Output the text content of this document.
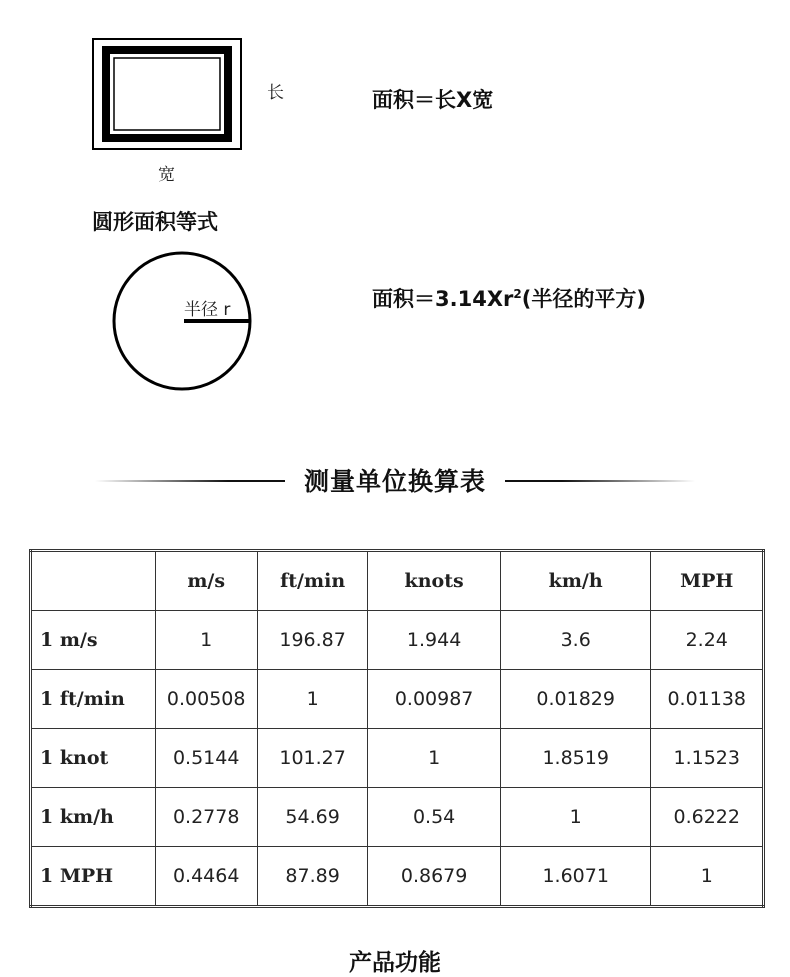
长
宽
面积＝长X宽
圆形面积等式
半径 r	面积$=3.14Xr^2$(半径的平方)
测量单位换算表
	m/s	ft/min	knots	km/h	MPH
1 m/s	1	196.87	1.944	3.6	2.24
1 ft/min	0.00508	1	0.00987	0.01829	0.01138
1 knot	0.5144	101.27	1	1.8519	1.1523
1 km/h	0.2778	54.69	0.54	1	0.6222
1 MPH	0.4464	87.89	0.8679	1.6071	1
产品功能
